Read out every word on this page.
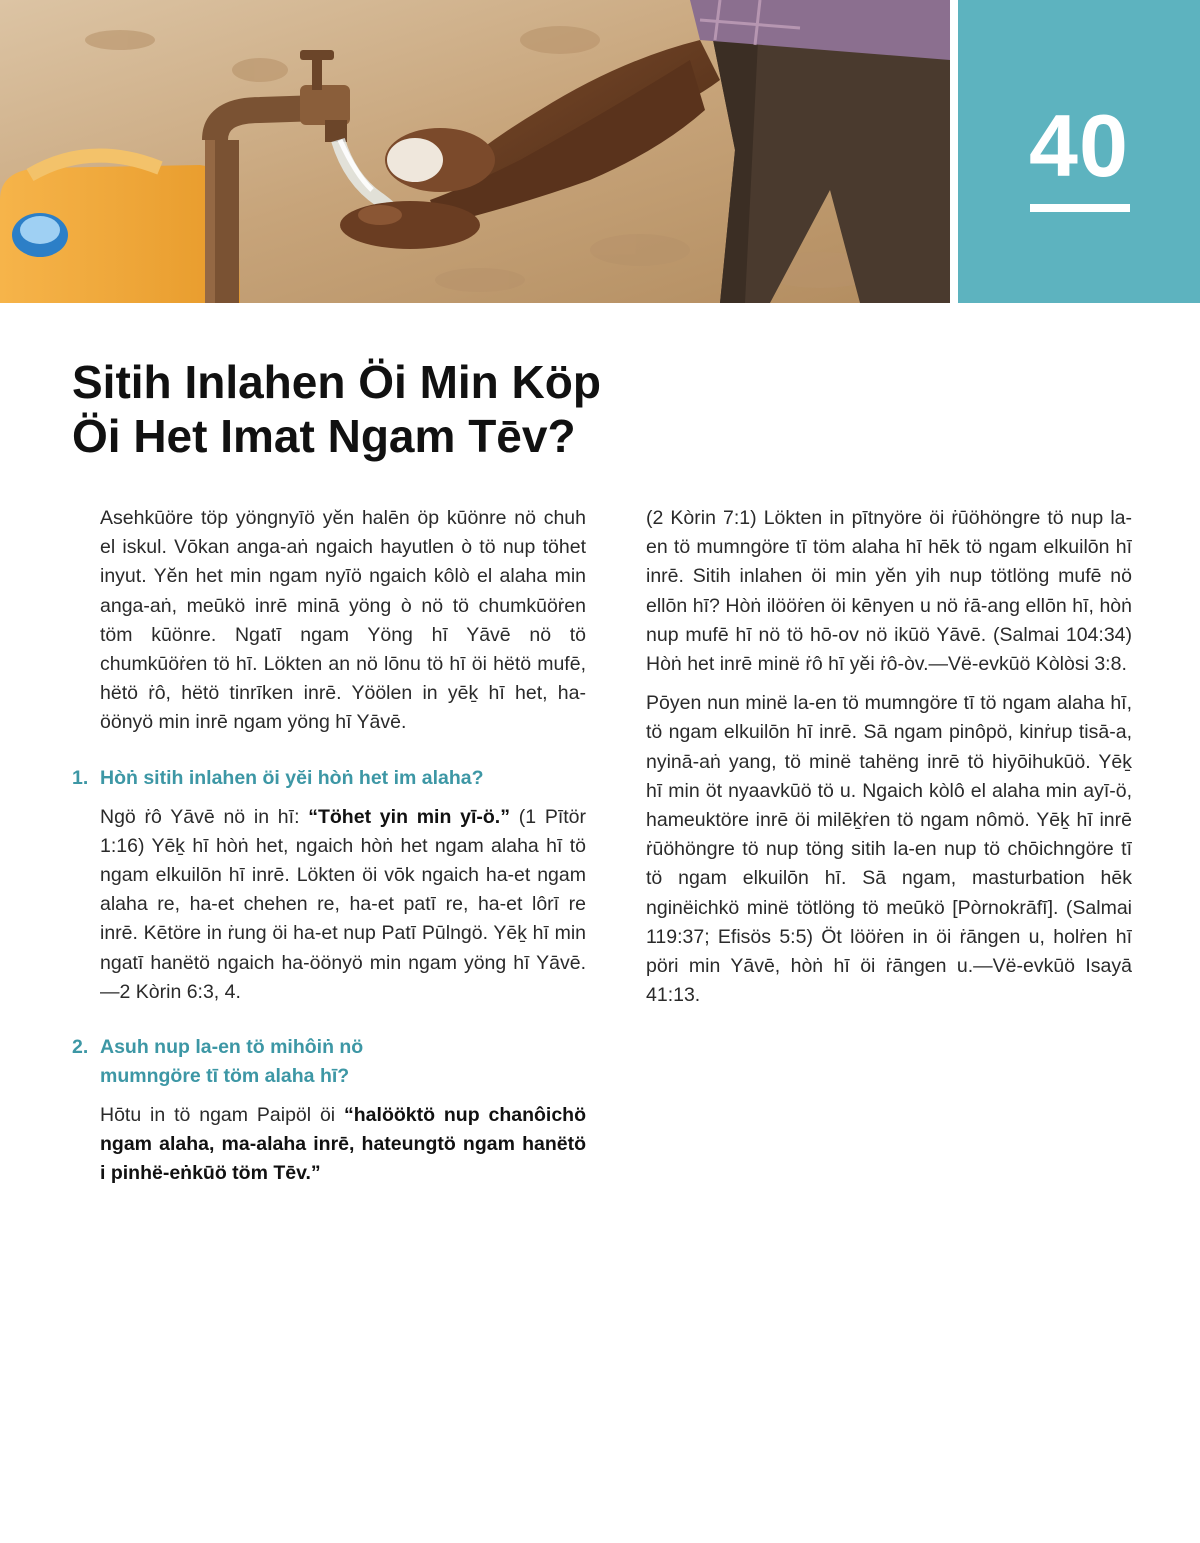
40
Sitih Inlahen Öi Min Köp
Öi Het Imat Ngam Tēv?

Asehkūöre töp yöngnyīö yĕn halēn öp kūönre nö chuh el iskul. Vōkan anga-aṅ ngaich hayutlen ò tö nup töhet inyut. Yĕn het min ngam nyīö ngaich kôlò el alaha min anga-aṅ, meūkö inrē minā yöng ò nö tö chumkūöṙen töm kūönre. Ngatī ngam Yöng hī Yāvē nö tö chumkūöṙen tö hī. Lökten an nö lōnu tö hī öi hëtö mufē, hëtö ṙô, hëtö tinrīken inrē. Yöölen in yēḵ hī het, ha-öönyö min inrē ngam yöng hī Yāvē.

1. Hòṅ sitih inlahen öi yĕi hòṅ het im alaha?

Ngö ṙô Yāvē nö in hī: “Töhet yin min yī-ö.” (1 Pītör 1:16) Yēḵ hī hòṅ het, ngaich hòṅ het ngam alaha hī tö ngam elkuilōn hī inrē. Lökten öi vōk ngaich ha-et ngam alaha re, ha-et chehen re, ha-et patī re, ha-et lôrī re inrē. Kētöre in ṙung öi ha-et nup Patī Pūlngö. Yēḵ hī min ngatī hanëtö ngaich ha-öönyö min ngam yöng hī Yāvē.—2 Kòrin 6:3, 4.

2. Asuh nup la-en tö mihôiṅ nö mumngöre tī töm alaha hī?

Hōtu in tö ngam Paipöl öi “halööktö nup chanôichö ngam alaha, ma-alaha inrē, hateungtö ngam hanëtö i pinhë-eṅkūö töm Tēv.”

(2 Kòrin 7:1) Lökten in pītnyöre öi ṙūöhöngre tö nup la-en tö mumngöre tī töm alaha hī hēk tö ngam elkuilōn hī inrē. Sitih inlahen öi min yĕn yih nup tötlöng mufē nö ellōn hī? Hòṅ ilööṙen öi kēnyen u nö ṙā-ang ellōn hī, hòṅ nup mufē hī nö tö hō-ov nö ikūö Yāvē. (Salmai 104:34) Hòṅ het inrē minë ṙô hī yĕi ṙô-òv.—Vë-evkūö Kòlòsi 3:8.

Pōyen nun minë la-en tö mumngöre tī tö ngam alaha hī, tö ngam elkuilōn hī inrē. Sā ngam pinôpö, kinṙup tisā-a, nyinā-aṅ yang, tö minë tahëng inrē tö hiyōihukūö. Yēḵ hī min öt nyaavkūö tö u. Ngaich kòlô el alaha min ayī-ö, hameuktöre inrē öi milēḵṙen tö ngam nômö. Yēḵ hī inrē ṙūöhöngre tö nup töng sitih la-en nup tö chōichngöre tī tö ngam elkuilōn hī. Sā ngam, masturbation hēk nginëichkö minë tötlöng tö meūkö [Pòrnokrāfī]. (Salmai 119:37; Efisös 5:5) Öt lööṙen in öi ṙāngen u, holṙen hī pöri min Yāvē, hòṅ hī öi ṙāngen u.—Vë-evkūö Isayā 41:13.
